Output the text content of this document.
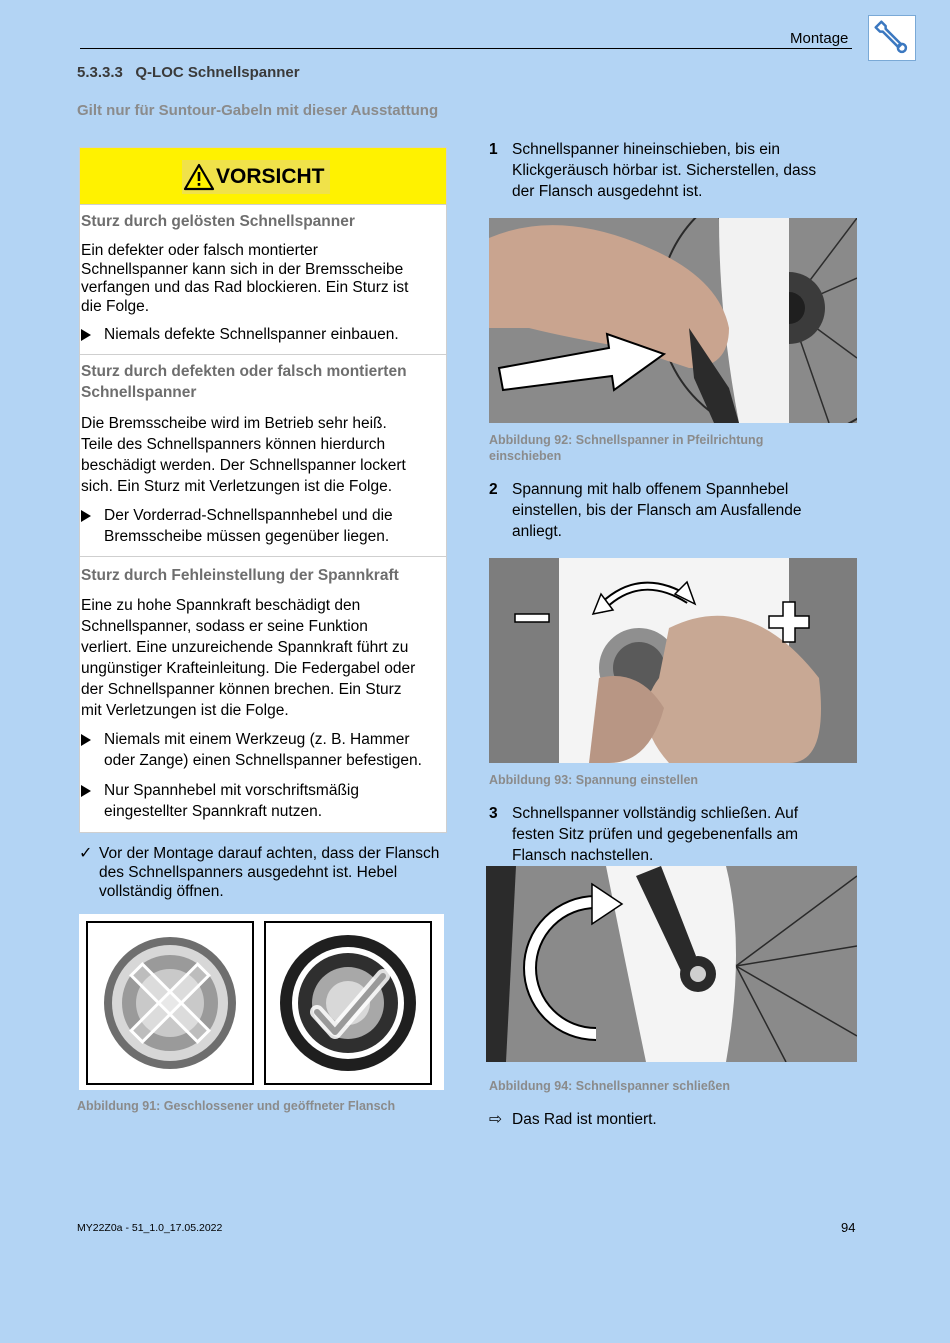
Montage
5.3.3.3 Q-LOC Schnellspanner
Gilt nur für Suntour-Gabeln mit dieser Ausstattung
VORSICHT
Sturz durch gelösten Schnellspanner
Ein defekter oder falsch montierter
Schnellspanner kann sich in der Bremsscheibe
verfangen und das Rad blockieren. Ein Sturz ist
die Folge.
Niemals defekte Schnellspanner einbauen.
Sturz durch defekten oder falsch montierten
Schnellspanner
Die Bremsscheibe wird im Betrieb sehr heiß.
Teile des Schnellspanners können hierdurch
beschädigt werden. Der Schnellspanner lockert
sich. Ein Sturz mit Verletzungen ist die Folge.
Der Vorderrad-Schnellspannhebel und die
Bremsscheibe müssen gegenüber liegen.
Sturz durch Fehleinstellung der Spannkraft
Eine zu hohe Spannkraft beschädigt den
Schnellspanner, sodass er seine Funktion
verliert. Eine unzureichende Spannkraft führt zu
ungünstiger Krafteinleitung. Die Federgabel oder
der Schnellspanner können brechen. Ein Sturz
mit Verletzungen ist die Folge.
Niemals mit einem Werkzeug (z. B. Hammer
oder Zange) einen Schnellspanner befestigen.
Nur Spannhebel mit vorschriftsmäßig
eingestellter Spannkraft nutzen.
✓ Vor der Montage darauf achten, dass der Flansch
des Schnellspanners ausgedehnt ist. Hebel
vollständig öffnen.
Abbildung 91: Geschlossener und geöffneter Flansch
1 Schnellspanner hineinschieben, bis ein
Klickgeräusch hörbar ist. Sicherstellen, dass
der Flansch ausgedehnt ist.
Abbildung 92: Schnellspanner in Pfeilrichtung
einschieben
2 Spannung mit halb offenem Spannhebel
einstellen, bis der Flansch am Ausfallende
anliegt.
Abbildung 93: Spannung einstellen
3 Schnellspanner vollständig schließen. Auf
festen Sitz prüfen und gegebenenfalls am
Flansch nachstellen.
Abbildung 94: Schnellspanner schließen
⇨ Das Rad ist montiert.
MY22Z0a - 51_1.0_17.05.2022	94
